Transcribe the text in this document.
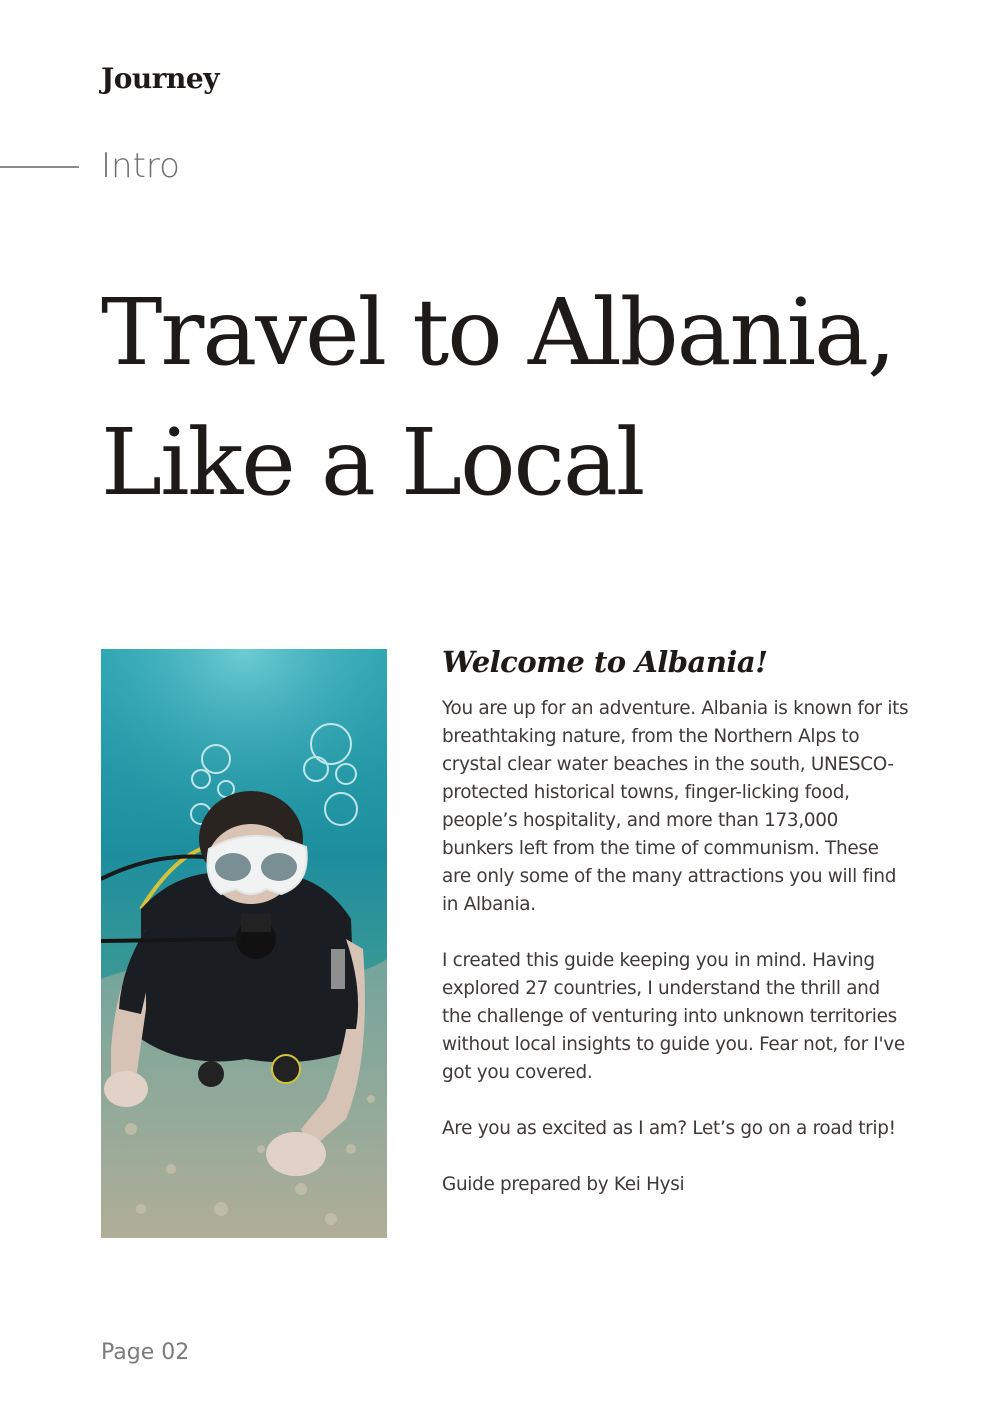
Journey
Intro
Travel to Albania,
Like a Local
Welcome to Albania!

You are up for an adventure. Albania is known for its breathtaking nature, from the Northern Alps to crystal clear water beaches in the south, UNESCO-protected historical towns, finger-licking food, people’s hospitality, and more than 173,000 bunkers left from the time of communism. These are only some of the many attractions you will find in Albania.

I created this guide keeping you in mind. Having explored 27 countries, I understand the thrill and the challenge of venturing into unknown territories without local insights to guide you. Fear not, for I've got you covered.

Are you as excited as I am? Let’s go on a road trip!

Guide prepared by Kei Hysi

Page 02
